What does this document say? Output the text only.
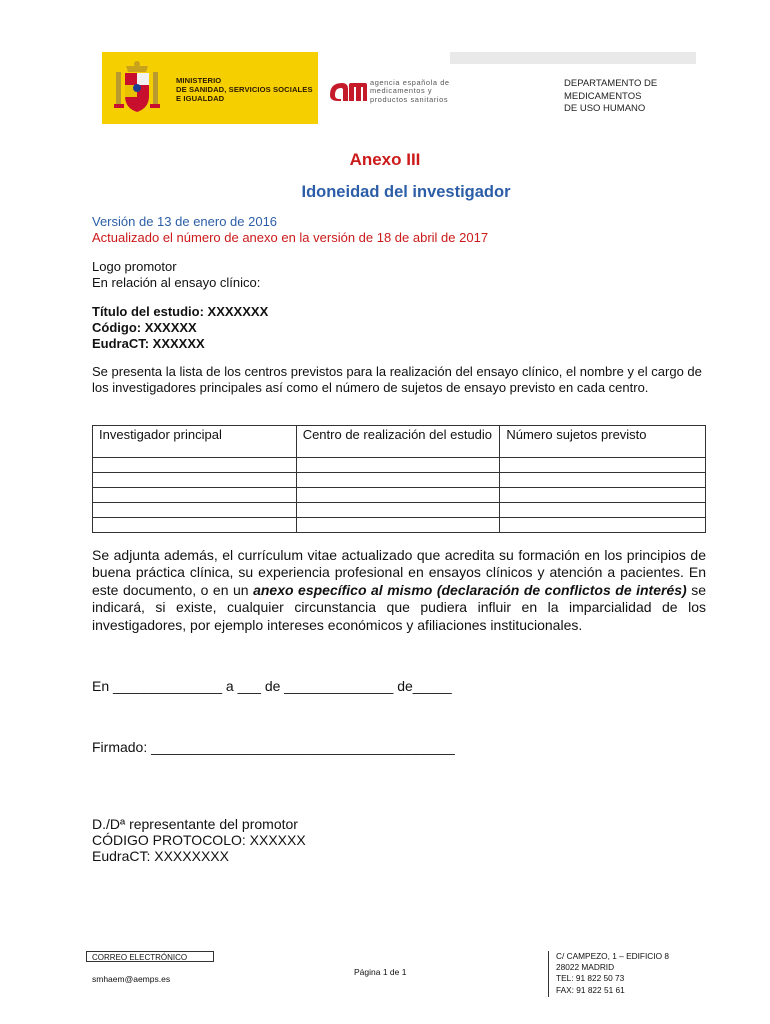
MINISTERIO
DE SANIDAD, SERVICIOS SOCIALES
E IGUALDAD
agencia española de
medicamentos y
productos sanitarios
DEPARTAMENTO DE
MEDICAMENTOS
DE USO HUMANO
Anexo III
Idoneidad del investigador
Versión de 13 de enero de 2016
Actualizado el número de anexo en la versión de 18 de abril de 2017
Logo promotor
En relación al ensayo clínico:
Título del estudio: XXXXXXX
Código: XXXXXX
EudraCT: XXXXXX
Se presenta la lista de los centros previstos para la realización del ensayo clínico, el nombre y el cargo de los investigadores principales así como el número de sujetos de ensayo previsto en cada centro.
Investigador principal	Centro de realización del estudio	Número sujetos previsto

Se adjunta además, el currículum vitae actualizado que acredita su formación en los principios de buena práctica clínica, su experiencia profesional en ensayos clínicos y atención a pacientes. En este documento, o en un anexo específico al mismo (declaración de conflictos de interés) se indicará, si existe, cualquier circunstancia que pudiera influir en la imparcialidad de los investigadores, por ejemplo intereses económicos y afiliaciones institucionales.
En ______________ a ___ de ______________ de_____
Firmado: _______________________________________
D./Dª representante del promotor
CÓDIGO PROTOCOLO: XXXXXX
EudraCT: XXXXXXXX
CORREO ELECTRÓNICO
smhaem@aemps.es
Página 1 de 1
C/ CAMPEZO, 1 – EDIFICIO 8
28022 MADRID
TEL: 91 822 50 73
FAX: 91 822 51 61
